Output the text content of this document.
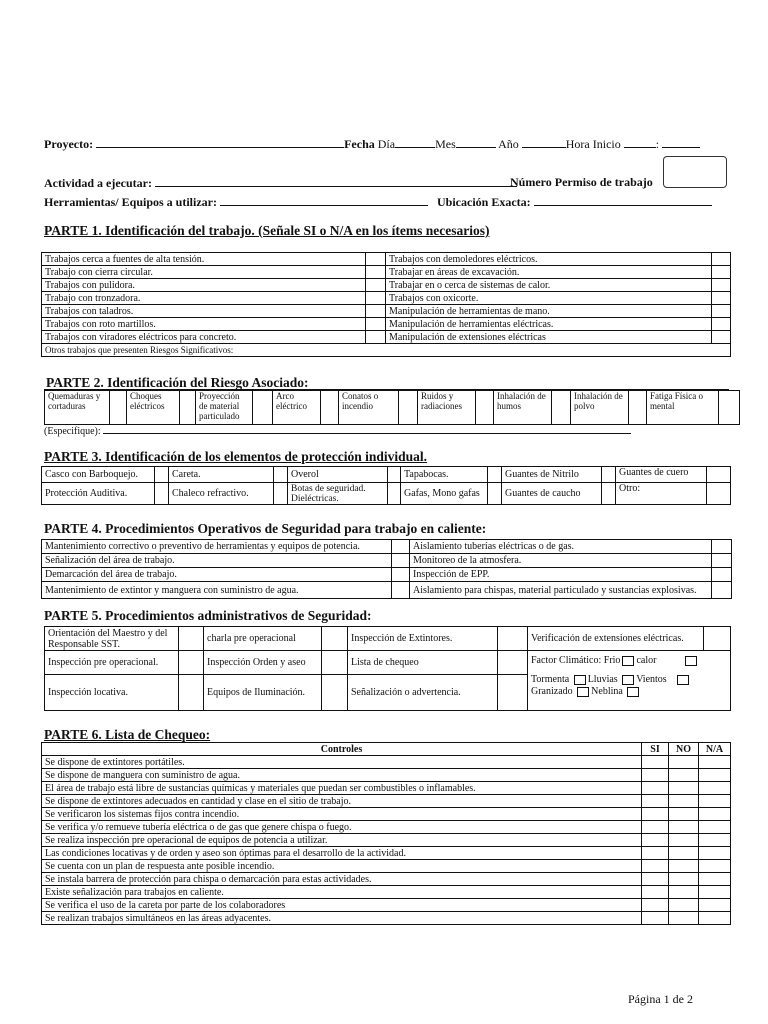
Proyecto:	Fecha Día	Mes	Año	Hora Inicio	:
Actividad a ejecutar:	Número Permiso de trabajo
Herramientas/ Equipos a utilizar:	Ubicación Exacta:
PARTE 1. Identificación del trabajo. (Señale SI o N/A en los ítems necesarios)
Trabajos cerca a fuentes de alta tensión.		Trabajos con demoledores eléctricos.	
Trabajo con cierra circular.		Trabajar en áreas de excavación.	
Trabajos con pulidora.		Trabajar en o cerca de sistemas de calor.	
Trabajo con tronzadora.		Trabajos con oxicorte.	
Trabajos con taladros.		Manipulación de herramientas de mano.	
Trabajos con roto martillos.		Manipulación de herramientas eléctricas.	
Trabajos con viradores eléctricos para concreto.		Manipulación de extensiones eléctricas	
Otros trabajos que presenten Riesgos Significativos:			
PARTE 2. Identificación del Riesgo Asociado:
Quemaduras y cortaduras		Choques eléctricos		Proyección de material particulado		Arco eléctrico		Conatos o incendio		Ruidos y radiaciones		Inhalación de humos		Inhalación de polvo		Fatiga Física o mental	
(Especifique):
PARTE 3. Identificación de los elementos de protección individual.
Casco con Barboquejo.		Careta.		Overol		Tapabocas.		Guantes de Nitrilo		Guantes de cuero	
Protección Auditiva.		Chaleco refractivo.		Botas de seguridad. Dieléctricas.		Gafas, Mono gafas		Guantes de caucho		Otro:	
PARTE 4. Procedimientos Operativos de Seguridad para trabajo en caliente:
Mantenimiento correctivo o preventivo de herramientas y equipos de potencia.		Aislamiento tuberías eléctricas o de gas.	
Señalización del área de trabajo.		Monitoreo de la atmosfera.	
Demarcación del área de trabajo.		Inspección de EPP.	
Mantenimiento de extintor y manguera con suministro de agua.		Aislamiento para chispas, material particulado y sustancias explosivas.	
PARTE 5. Procedimientos administrativos de Seguridad:
Orientación del Maestro y del Responsable SST.		charla pre operacional		Inspección de Extintores.		Verificación de extensiones eléctricas.	
Inspección pre operacional.		Inspección Orden y aseo		Lista de chequeo		Factor Climático: Frio calor
Tormenta Lluvias Vientos
Granizado Neblina	

Inspección locativa.		Equipos de Iluminación.		Señalización o advertencia.			
PARTE 6. Lista de Chequeo:
Controles	SI	NO	N/A
Se dispone de extintores portátiles.			
Se dispone de manguera con suministro de agua.			
El área de trabajo está libre de sustancias químicas y materiales que puedan ser combustibles o inflamables.			
Se dispone de extintores adecuados en cantidad y clase en el sitio de trabajo.			
Se verificaron los sistemas fijos contra incendio.			
Se verifica y/o remueve tubería eléctrica o de gas que genere chispa o fuego.			
Se realiza inspección pre operacional de equipos de potencia a utilizar.			
Las condiciones locativas y de orden y aseo son óptimas para el desarrollo de la actividad.			
Se cuenta con un plan de respuesta ante posible incendio.			
Se instala barrera de protección para chispa o demarcación para estas actividades.			
Existe señalización para trabajos en caliente.			
Se verifica el uso de la careta por parte de los colaboradores			
Se realizan trabajos simultáneos en las áreas adyacentes.			
Página 1 de 2
